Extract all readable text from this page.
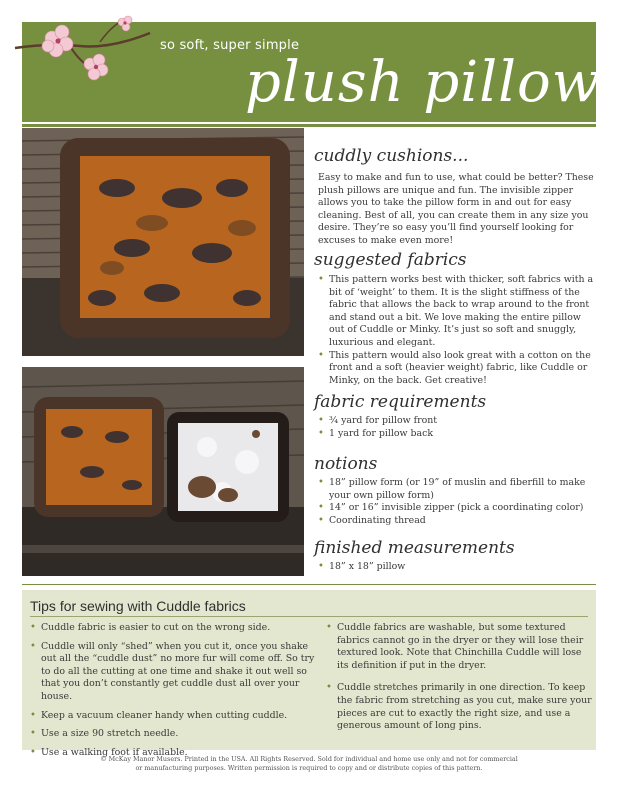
so soft, super simple
plush pillow
cuddly cushions...

Easy to make and fun to use, what could be better? These plush pillows are unique and fun. The invisible zipper allows you to take the pillow form in and out for easy cleaning. Best of all, you can create them in any size you desire. They’re so easy you’ll find yourself looking for excuses to make even more!

suggested fabrics
• This pattern works best with thicker, soft fabrics with a bit of ‘weight’ to them. It is the slight stiffness of the fabric that allows the back to wrap around to the front and stand out a bit. We love making the entire pillow out of Cuddle or Minky. It’s just so soft and snuggly, luxurious and elegant.
• This pattern would also look great with a cotton on the front and a soft (heavier weight) fabric, like Cuddle or Minky, on the back. Get creative!
fabric requirements
• ¾ yard for pillow front
• 1 yard for pillow back
notions
• 18” pillow form (or 19” of muslin and fiberfill to make your own pillow form)
• 14” or 16” invisible zipper (pick a coordinating color)
• Coordinating thread
finished measurements
• 18” x 18” pillow
Tips for sewing with Cuddle fabrics
• Cuddle fabric is easier to cut on the wrong side.
• Cuddle will only “shed” when you cut it, once you shake out all the “cuddle dust” no more fur will come off. So try to do all the cutting at one time and shake it out well so that you don’t constantly get cuddle dust all over your house.
• Keep a vacuum cleaner handy when cutting cuddle.
• Use a size 90 stretch needle.
• Use a walking foot if available.
• Cuddle fabrics are washable, but some textured fabrics cannot go in the dryer or they will lose their textured look. Note that Chinchilla Cuddle will lose its definition if put in the dryer.
• Cuddle stretches primarily in one direction. To keep the fabric from stretching as you cut, make sure your pieces are cut to exactly the right size, and use a generous amount of long pins.
© McKay Manor Musers. Printed in the USA. All Rights Reserved. Sold for individual and home use only and not for commercial
or manufacturing purposes. Written permission is required to copy and or distribute copies of this pattern.
